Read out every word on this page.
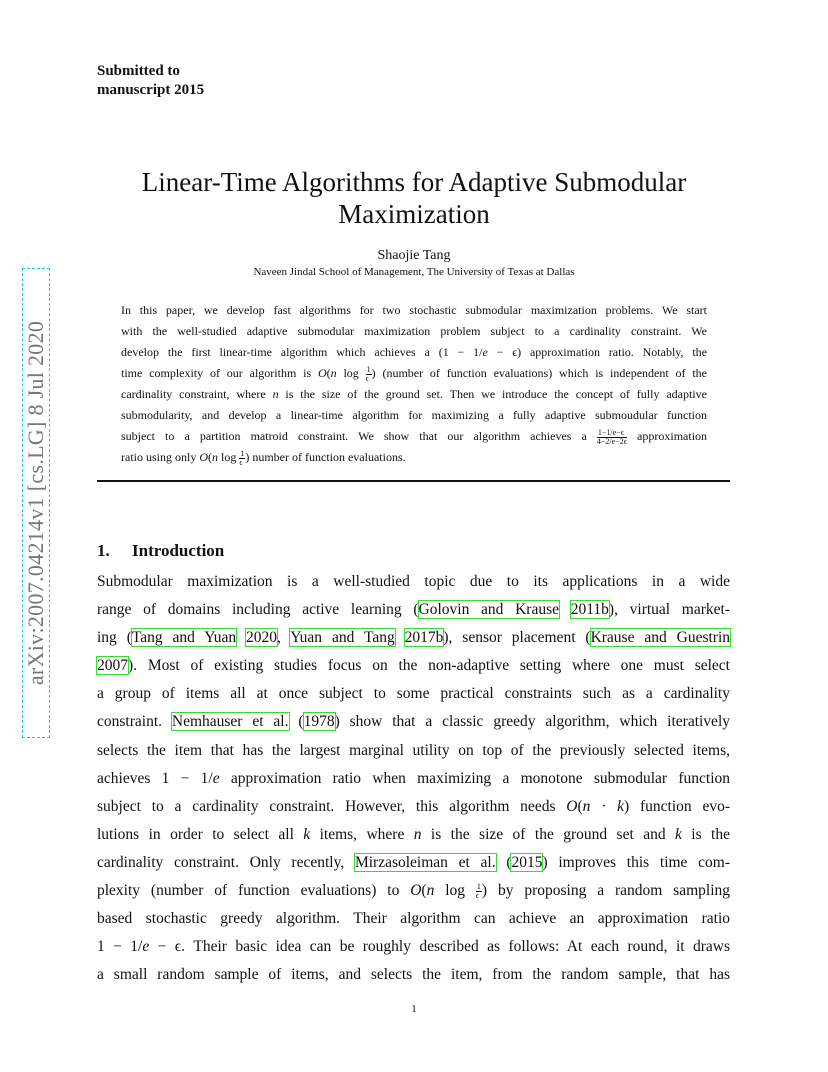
Submitted to
manuscript 2015
Linear-Time Algorithms for Adaptive Submodular
Maximization
Shaojie Tang
Naveen Jindal School of Management, The University of Texas at Dallas
In this paper, we develop fast algorithms for two stochastic submodular maximization problems. We start
with the well-studied adaptive submodular maximization problem subject to a cardinality constraint. We
develop the first linear-time algorithm which achieves a (1 − 1/e − ϵ) approximation ratio. Notably, the
time complexity of our algorithm is O(n $\log \frac{1}{\epsilon}$ ) (number of function evaluations) which is independent of the
cardinality constraint, where n is the size of the ground set. Then we introduce the concept of fully adaptive
submodularity, and develop a linear-time algorithm for maximizing a fully adaptive submoudular function
subject to a partition matroid constraint. We show that our algorithm achieves a $\frac{1-1/e-\epsilon}{4-2/e-2\epsilon}$ approximation
ratio using only O(n $\log \frac{1}{\epsilon}$ ) number of function evaluations.
1. Introduction
Submodular maximization is a well-studied topic due to its applications in a wide
range of domains including active learning (Golovin and Krause 2011b), virtual market-
ing (Tang and Yuan 2020, Yuan and Tang 2017b), sensor placement (Krause and Guestrin
2007). Most of existing studies focus on the non-adaptive setting where one must select
a group of items all at once subject to some practical constraints such as a cardinality
constraint. Nemhauser et al. (1978) show that a classic greedy algorithm, which iteratively
selects the item that has the largest marginal utility on top of the previously selected items,
achieves 1 − 1/e approximation ratio when maximizing a monotone submodular function
subject to a cardinality constraint. However, this algorithm needs O(n · k) function evo-
lutions in order to select all k items, where n is the size of the ground set and k is the
cardinality constraint. Only recently, Mirzasoleiman et al. (2015) improves this time com-
plexity (number of function evaluations) to O(n $\log \frac{1}{\epsilon}$ ) by proposing a random sampling
based stochastic greedy algorithm. Their algorithm can achieve an approximation ratio
1 − 1/e − ϵ. Their basic idea can be roughly described as follows: At each round, it draws
a small random sample of items, and selects the item, from the random sample, that has
1
arXiv:2007.04214v1 [cs.LG] 8 Jul 2020
